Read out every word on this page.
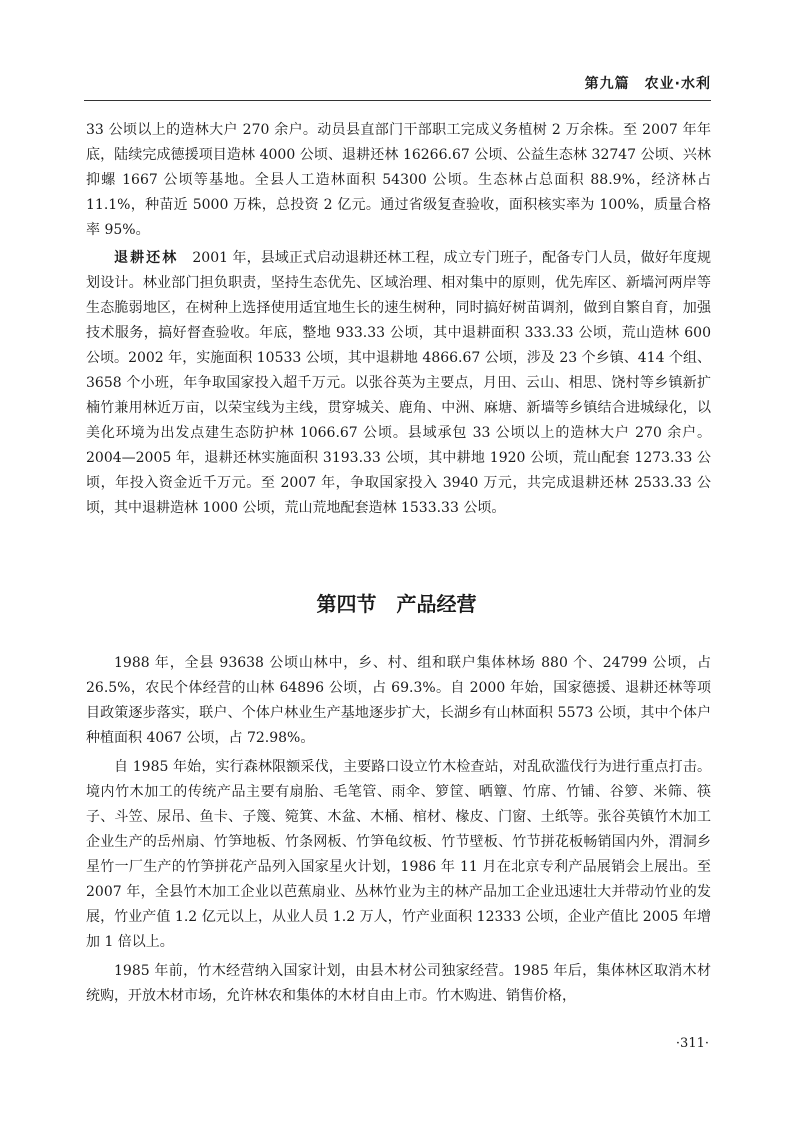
第九篇　农业·水利

33 公顷以上的造林大户 270 余户。动员县直部门干部职工完成义务植树 2 万余株。至 2007 年年底，陆续完成德援项目造林 4000 公顷、退耕还林 16266.67 公顷、公益生态林 32747 公顷、兴林抑螺 1667 公顷等基地。全县人工造林面积 54300 公顷。生态林占总面积 88.9%，经济林占 11.1%，种苗近 5000 万株，总投资 2 亿元。通过省级复查验收，面积核实率为 100%，质量合格率 95%。

退耕还林　2001 年，县域正式启动退耕还林工程，成立专门班子，配备专门人员，做好年度规划设计。林业部门担负职责，坚持生态优先、区域治理、相对集中的原则，优先库区、新墙河两岸等生态脆弱地区，在树种上选择使用适宜地生长的速生树种，同时搞好树苗调剂，做到自繁自育，加强技术服务，搞好督查验收。年底，整地 933.33 公顷，其中退耕面积 333.33 公顷，荒山造林 600 公顷。2002 年，实施面积 10533 公顷，其中退耕地 4866.67 公顷，涉及 23 个乡镇、414 个组、3658 个小班，年争取国家投入超千万元。以张谷英为主要点，月田、云山、相思、饶村等乡镇新扩楠竹兼用林近万亩，以荣宝线为主线，贯穿城关、鹿角、中洲、麻塘、新墙等乡镇结合进城绿化，以美化环境为出发点建生态防护林 1066.67 公顷。县域承包 33 公顷以上的造林大户 270 余户。2004—2005 年，退耕还林实施面积 3193.33 公顷，其中耕地 1920 公顷，荒山配套 1273.33 公顷，年投入资金近千万元。至 2007 年，争取国家投入 3940 万元，共完成退耕还林 2533.33 公顷，其中退耕造林 1000 公顷，荒山荒地配套造林 1533.33 公顷。

第四节　产品经营

1988 年，全县 93638 公顷山林中，乡、村、组和联户集体林场 880 个、24799 公顷，占 26.5%，农民个体经营的山林 64896 公顷，占 69.3%。自 2000 年始，国家德援、退耕还林等项目政策逐步落实，联户、个体户林业生产基地逐步扩大，长湖乡有山林面积 5573 公顷，其中个体户种植面积 4067 公顷，占 72.98%。

自 1985 年始，实行森林限额采伐，主要路口设立竹木检查站，对乱砍滥伐行为进行重点打击。境内竹木加工的传统产品主要有扇胎、毛笔管、雨伞、箩筐、晒簟、竹席、竹铺、谷箩、米筛、筷子、斗笠、尿吊、鱼卡、子篾、箢箕、木盆、木桶、棺材、椽皮、门窗、土纸等。张谷英镇竹木加工企业生产的岳州扇、竹笋地板、竹条网板、竹笋龟纹板、竹节壁板、竹节拼花板畅销国内外，渭洞乡星竹一厂生产的竹笋拼花产品列入国家星火计划，1986 年 11 月在北京专利产品展销会上展出。至 2007 年，全县竹木加工企业以芭蕉扇业、丛林竹业为主的林产品加工企业迅速壮大并带动竹业的发展，竹业产值 1.2 亿元以上，从业人员 1.2 万人，竹产业面积 12333 公顷，企业产值比 2005 年增加 1 倍以上。

1985 年前，竹木经营纳入国家计划，由县木材公司独家经营。1985 年后，集体林区取消木材统购，开放木材市场，允许林农和集体的木材自由上市。竹木购进、销售价格，

·311·
